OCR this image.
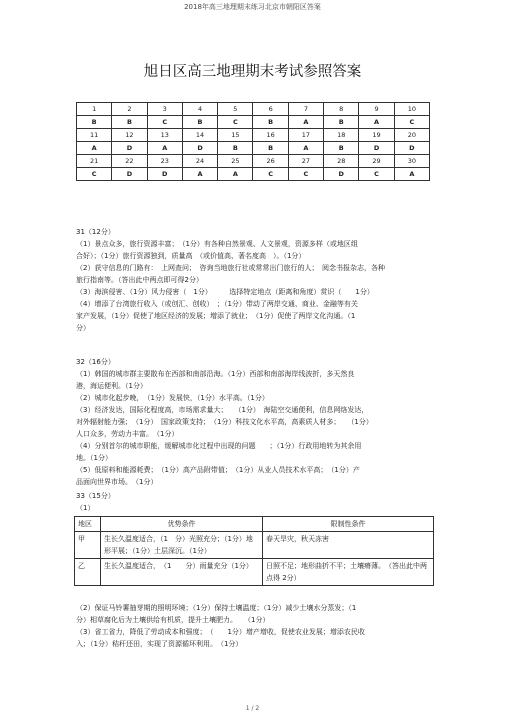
2018年高三地理期末练习北京市朝阳区答案
旭日区高三地理期末考试参照答案
1	2	3	4	5	6	7	8	9	10
B	B	C	B	C	B	A	B	A	C
11	12	13	14	15	16	17	18	19	20
A	D	A	D	B	B	A	B	D	D
21	22	23	24	25	26	27	28	29	30
C	D	D	A	A	C	C	D	C	A

31（12分）

（1）景点众多，旅行资源丰富；　（1分）有各种自然景观、人文景观，资源多样（或地区组

合好）；（1分）旅行资源独到，质量高　（或价值高、著名度高　）。（1分）

（2）获守信息的门路有：　上网查问；　咨询当地旅行社或常常出门旅行的人；　阅念书报杂志，各种

旅行指南等。（答出此中两点即可得2分）

（3）海滨侵害、（1分）风力侵害（　1分）　　　选择特定地点（距离和角度）赏识（　　1分）

（4）增添了台湾旅行收入（或创汇、创收）　；（1分）带动了两岸交通、商业、金融等有关

家产发展，（1分）促使了地区经济的发展；增添了就业；　（1分）促使了两岸文化沟通。（1

分）

32（16分）

（1）韩国的城市群主要散布在西部和南部沿海。（1分）西部和南部海岸线波折，多天然良

港，海运便利。（1分）

（2）城市化起步晚，　（1分）发展快，（1分）水平高。（1分）

（3）经济发达，国际化程度高，市场需求量大；　　（1分）　海陆空交通便利，信息网络发达，

对外辐射能力强；　（1分）　国家政策支持；　（1分）科技文化水平高，高素质人材多；　　（1分）

人口众多，劳动力丰富。　（1分）

（4）分别首尔的城市职能，缓解城市化过程中出现的问题　　；（1分）行政用地转为其余用

地。（1分）

（5）低原料和能源耗费；　（1分）高产品附带值；　（1分）从业人员技术水平高；　（1分）产

品面向世界市场。　（1分）

33（15分）

（1）

地区	优势条件	限制性条件
甲	生长久温度适合，（1　分）光照充分；（1分）地形平展；（1分）土层深沉。（1分）	春天旱灾，秋天冻害
乙	生长久温度适合，　（1　　分）雨量充分（1分）	日照不足；地形曲折不平；土壤瘠薄。　（答出此中两点得 2分）

（2）保证马铃薯抽芽期的照明环境；（1分）保持土壤温度；（1分）减少土壤水分蒸发；（1

分）相草腐化后为土壤供给有机质，提升土壤肥力。　　（1分）

（3）省工省力，降低了劳动成本和强度；　（　　1分）增产增收，促使农业发展；增添农民收

入；（1分）秸秆还田，实现了资源循环利用。　（1分）

1 / 2
